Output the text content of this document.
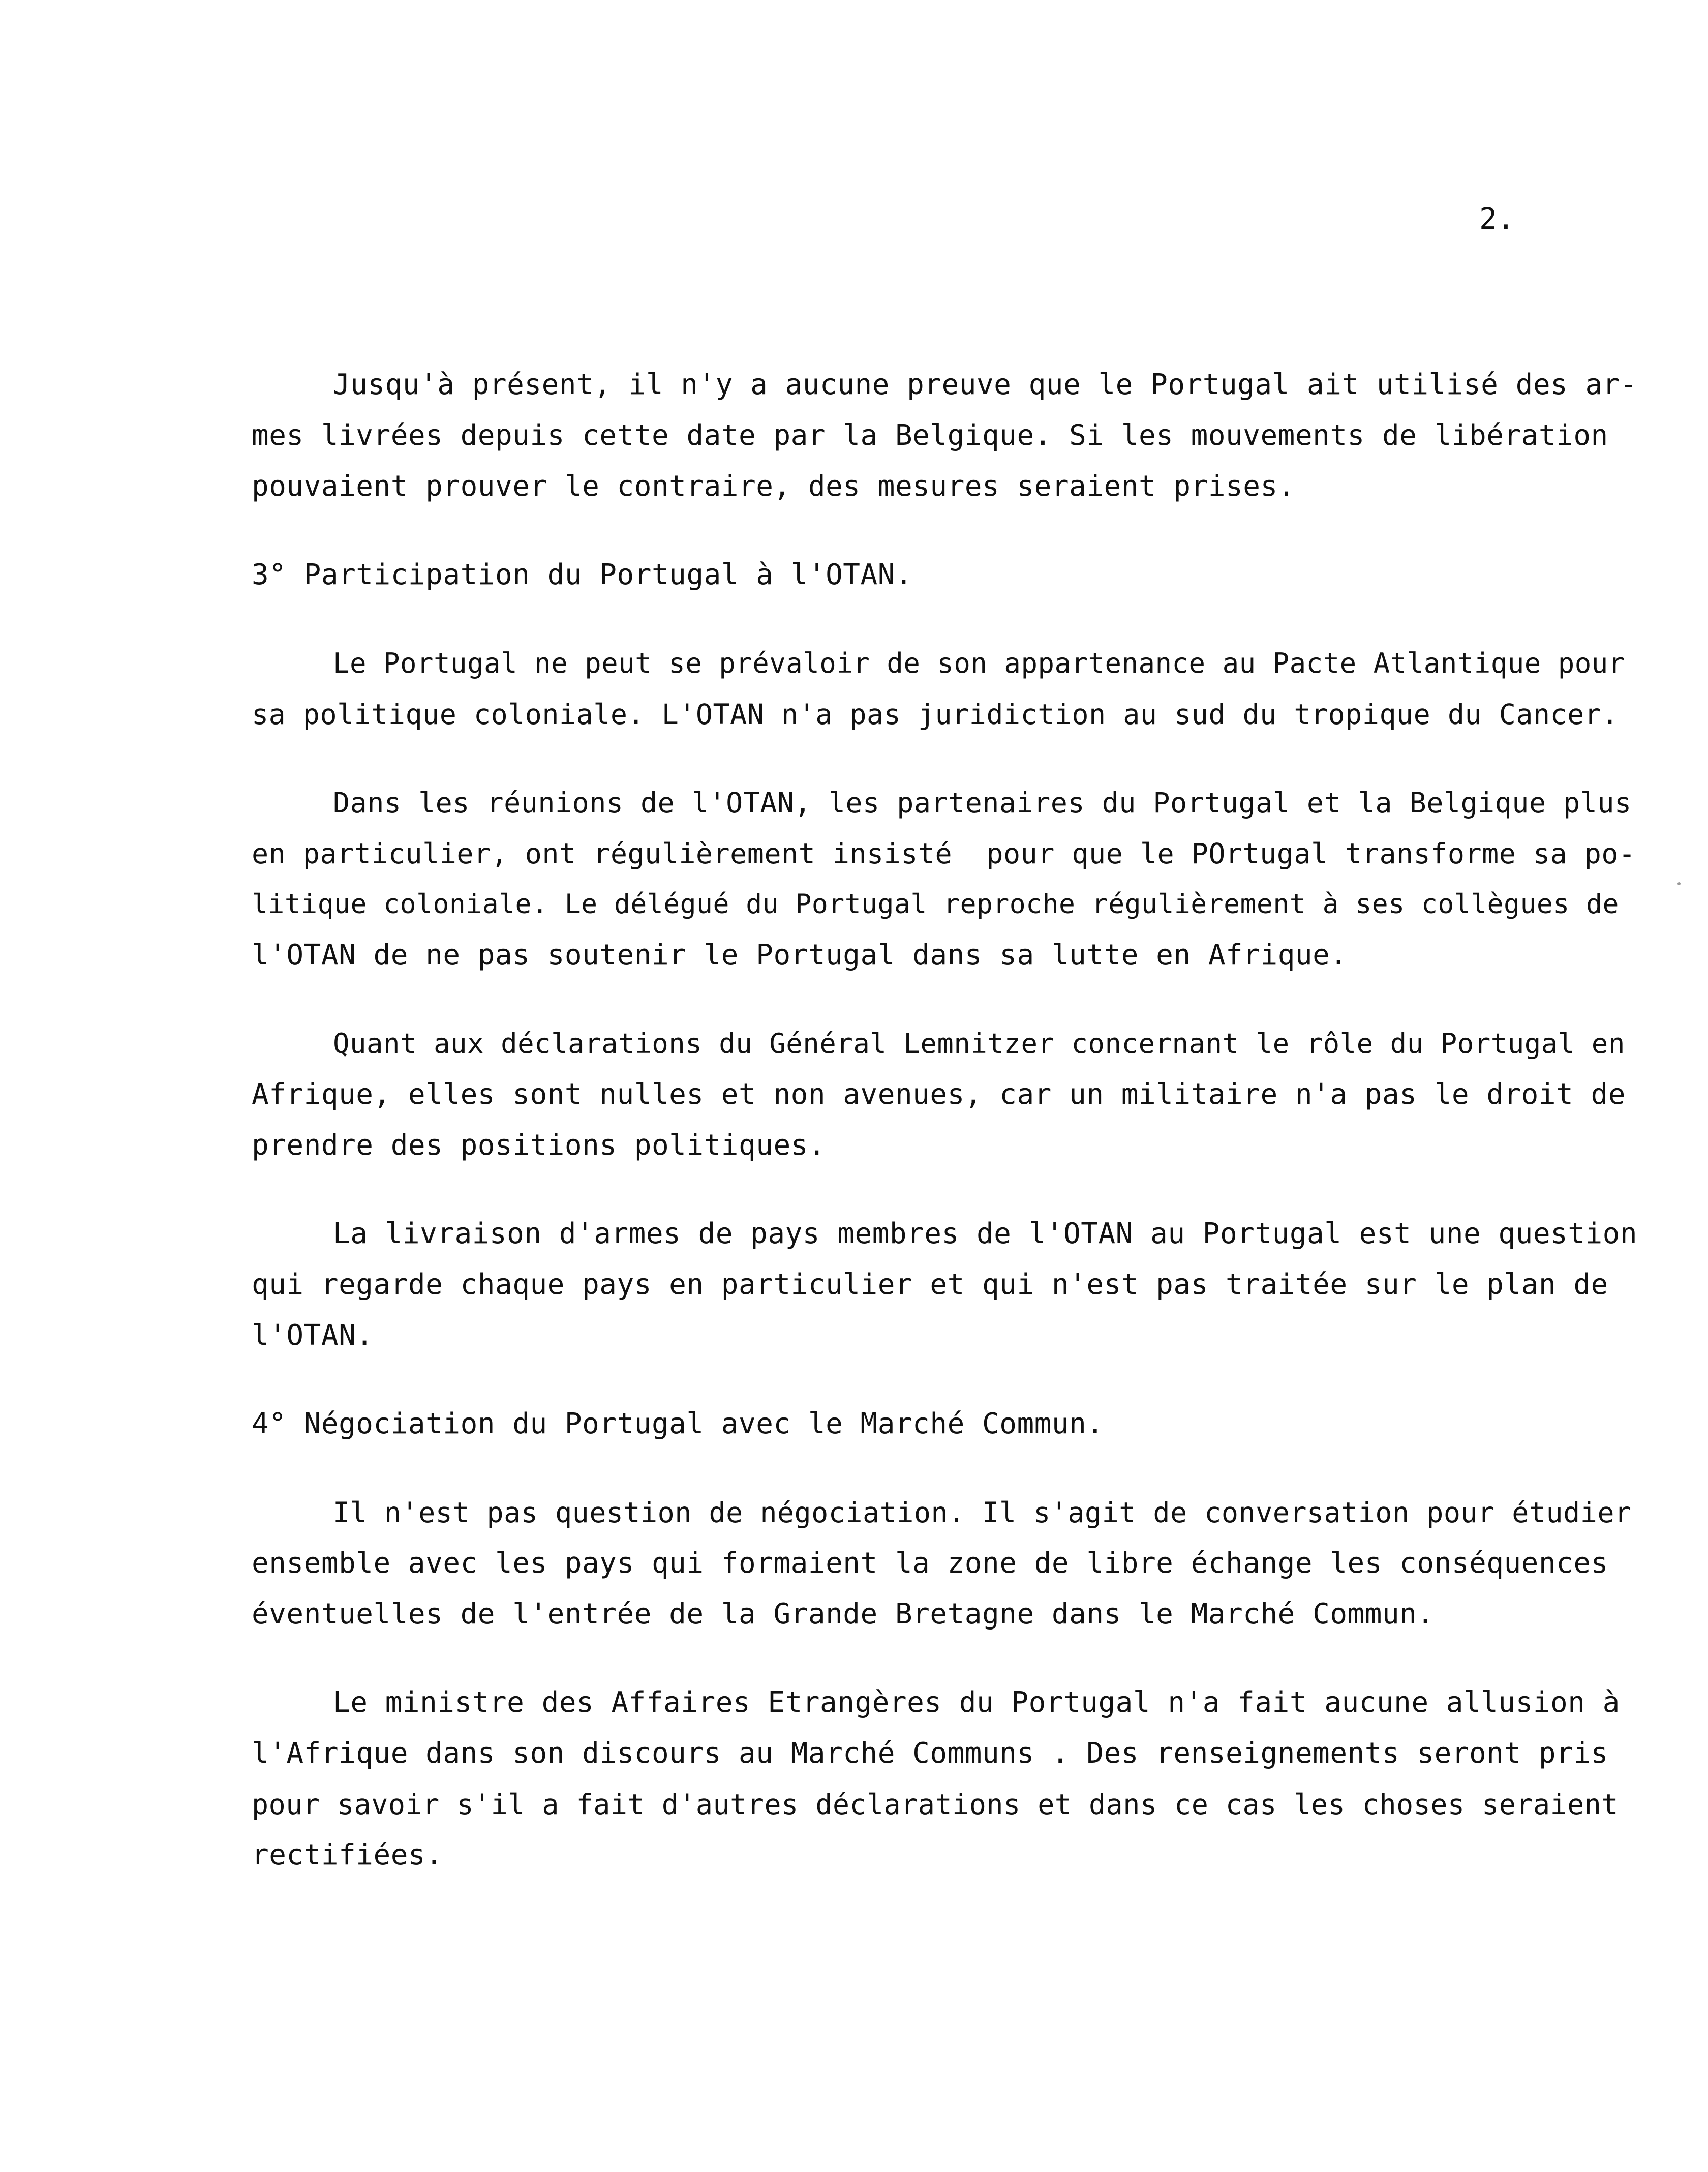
2.
Jusqu'à présent, il n'y a aucune preuve que le Portugal ait utilisé des ar-
mes livrées depuis cette date par la Belgique. Si les mouvements de libération
pouvaient prouver le contraire, des mesures seraient prises.
3° Participation du Portugal à l'OTAN.
Le Portugal ne peut se prévaloir de son appartenance au Pacte Atlantique pour
sa politique coloniale. L'OTAN n'a pas juridiction au sud du tropique du Cancer.
Dans les réunions de l'OTAN, les partenaires du Portugal et la Belgique plus
en particulier, ont régulièrement insisté  pour que le POrtugal transforme sa po-
litique coloniale. Le délégué du Portugal reproche régulièrement à ses collègues de
l'OTAN de ne pas soutenir le Portugal dans sa lutte en Afrique.
Quant aux déclarations du Général Lemnitzer concernant le rôle du Portugal en
Afrique, elles sont nulles et non avenues, car un militaire n'a pas le droit de
prendre des positions politiques.
La livraison d'armes de pays membres de l'OTAN au Portugal est une question
qui regarde chaque pays en particulier et qui n'est pas traitée sur le plan de
l'OTAN.
4° Négociation du Portugal avec le Marché Commun.
Il n'est pas question de négociation. Il s'agit de conversation pour étudier
ensemble avec les pays qui formaient la zone de libre échange les conséquences
éventuelles de l'entrée de la Grande Bretagne dans le Marché Commun.
Le ministre des Affaires Etrangères du Portugal n'a fait aucune allusion à
l'Afrique dans son discours au Marché Communs . Des renseignements seront pris
pour savoir s'il a fait d'autres déclarations et dans ce cas les choses seraient
rectifiées.
